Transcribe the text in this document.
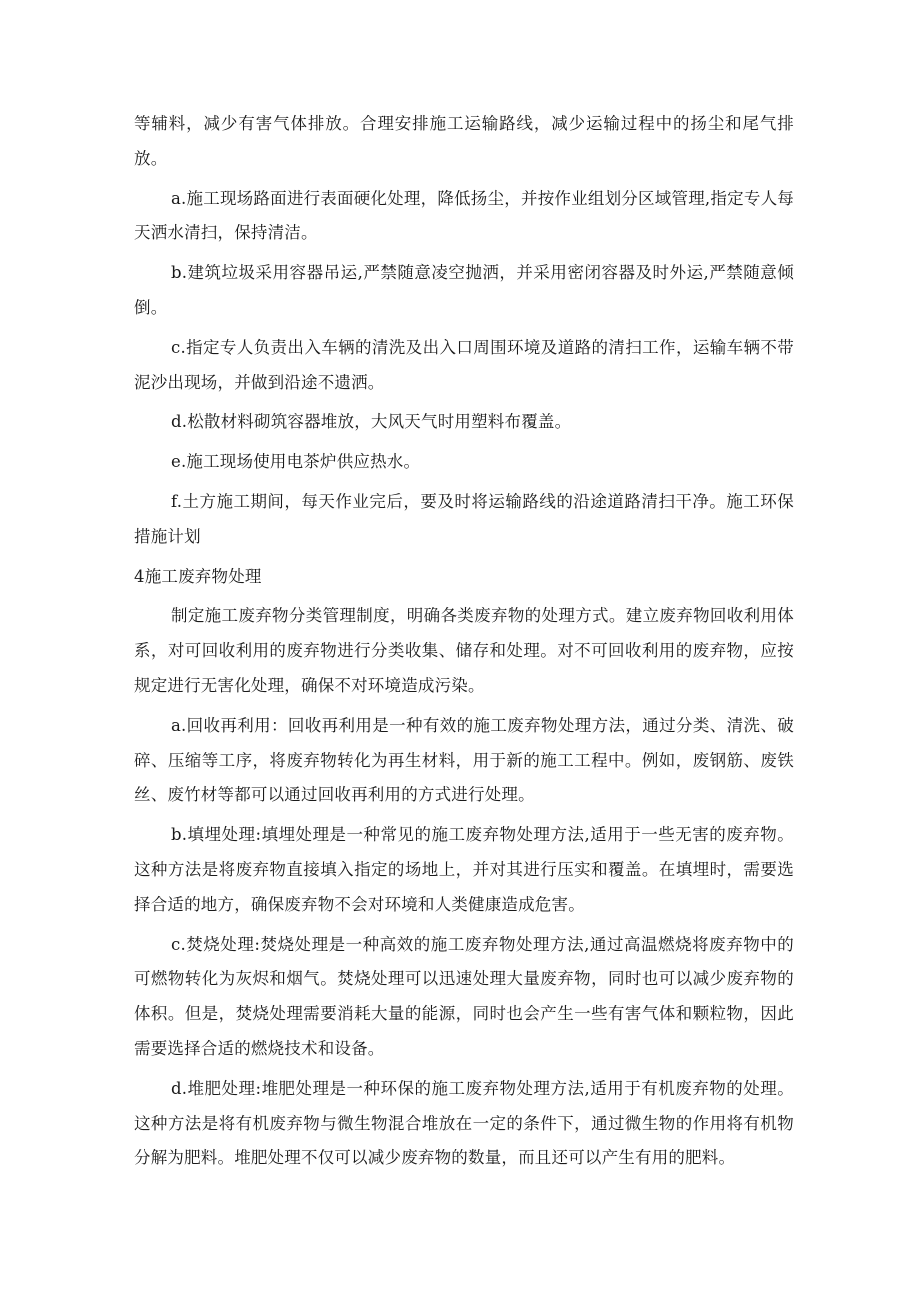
等辅料，减少有害气体排放。合理安排施工运输路线，减少运输过程中的扬尘和尾气排放。

a.施工现场路面进行表面硬化处理，降低扬尘，并按作业组划分区域管理,指定专人每天洒水清扫，保持清洁。

b.建筑垃圾采用容器吊运,严禁随意凌空抛洒，并采用密闭容器及时外运,严禁随意倾倒。

c.指定专人负责出入车辆的清洗及出入口周围环境及道路的清扫工作，运输车辆不带泥沙出现场，并做到沿途不遗洒。

d.松散材料砌筑容器堆放，大风天气时用塑料布覆盖。

e.施工现场使用电茶炉供应热水。

f.土方施工期间，每天作业完后，要及时将运输路线的沿途道路清扫干净。施工环保措施计划

4施工废弃物处理

制定施工废弃物分类管理制度，明确各类废弃物的处理方式。建立废弃物回收利用体系，对可回收利用的废弃物进行分类收集、储存和处理。对不可回收利用的废弃物，应按规定进行无害化处理，确保不对环境造成污染。

a.回收再利用：回收再利用是一种有效的施工废弃物处理方法，通过分类、清洗、破碎、压缩等工序，将废弃物转化为再生材料，用于新的施工工程中。例如，废钢筋、废铁丝、废竹材等都可以通过回收再利用的方式进行处理。

b.填埋处理:填埋处理是一种常见的施工废弃物处理方法,适用于一些无害的废弃物。这种方法是将废弃物直接填入指定的场地上，并对其进行压实和覆盖。在填埋时，需要选择合适的地方，确保废弃物不会对环境和人类健康造成危害。

c.焚烧处理:焚烧处理是一种高效的施工废弃物处理方法,通过高温燃烧将废弃物中的可燃物转化为灰烬和烟气。焚烧处理可以迅速处理大量废弃物，同时也可以减少废弃物的体积。但是，焚烧处理需要消耗大量的能源，同时也会产生一些有害气体和颗粒物，因此需要选择合适的燃烧技术和设备。

d.堆肥处理:堆肥处理是一种环保的施工废弃物处理方法,适用于有机废弃物的处理。这种方法是将有机废弃物与微生物混合堆放在一定的条件下，通过微生物的作用将有机物分解为肥料。堆肥处理不仅可以减少废弃物的数量，而且还可以产生有用的肥料。
